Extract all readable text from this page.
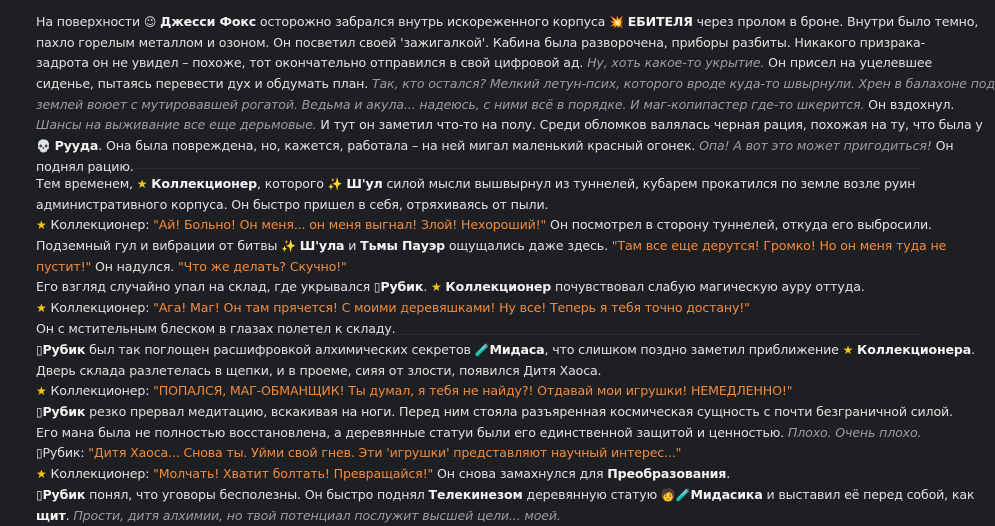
На поверхности 😉 Джесси Фокс осторожно забрался внутрь искореженного корпуса 💥 ЕБИТЕЛЯ через пролом в броне. Внутри было темно,
пахло горелым металлом и озоном. Он посветил своей 'зажигалкой'. Кабина была разворочена, приборы разбиты. Никакого призрака-
задрота он не увидел – похоже, тот окончательно отправился в свой цифровой ад. Ну, хоть какое-то укрытие. Он присел на уцелевшее
сиденье, пытаясь перевести дух и обдумать план. Так, кто остался? Мелкий летун-псих, которого вроде куда-то швырнули. Хрен в балахоне под
землей воюет с мутировавшей рогатой. Ведьма и акула... надеюсь, с ними всё в порядке. И маг-копипастер где-то шкерится. Он вздохнул.
Шансы на выживание все еще дерьмовые. И тут он заметил что-то на полу. Среди обломков валялась черная рация, похожая на ту, что была у
💀 Рууда. Она была повреждена, но, кажется, работала – на ней мигал маленький красный огонек. Опа! А вот это может пригодиться! Он
поднял рацию.
Тем временем, ★ Коллекционер, которого ✨ Ш'ул силой мысли вышвырнул из туннелей, кубарем прокатился по земле возле руин
административного корпуса. Он быстро пришел в себя, отряхиваясь от пыли.
★ Коллекционер: "Ай! Больно! Он меня... он меня выгнал! Злой! Нехороший!" Он посмотрел в сторону туннелей, откуда его выбросили.
Подземный гул и вибрации от битвы ✨ Ш'ула и Тьмы Пауэр ощущались даже здесь. "Там все еще дерутся! Громко! Но он меня туда не
пустит!" Он надулся. "Что же делать? Скучно!"
Его взгляд случайно упал на склад, где укрывался ▯Рубик. ★ Коллекционер почувствовал слабую магическую ауру оттуда.
★ Коллекционер: "Ага! Маг! Он там прячется! С моими деревяшками! Ну все! Теперь я тебя точно достану!"
Он с мстительным блеском в глазах полетел к складу.
▯Рубик был так поглощен расшифровкой алхимических секретов 🧪Мидаса, что слишком поздно заметил приближение ★ Коллекционера.
Дверь склада разлетелась в щепки, и в проеме, сияя от злости, появился Дитя Хаоса.
★ Коллекционер: "ПОПАЛСЯ, МАГ-ОБМАНЩИК! Ты думал, я тебя не найду?! Отдавай мои игрушки! НЕМЕДЛЕННО!"
▯Рубик резко прервал медитацию, вскакивая на ноги. Перед ним стояла разъяренная космическая сущность с почти безграничной силой.
Его мана была не полностью восстановлена, а деревянные статуи были его единственной защитой и ценностью. Плохо. Очень плохо.
▯Рубик: "Дитя Хаоса... Снова ты. Уйми свой гнев. Эти 'игрушки' представляют научный интерес..."
★ Коллекционер: "Молчать! Хватит болтать! Превращайся!" Он снова замахнулся для Преобразования.
▯Рубик понял, что уговоры бесполезны. Он быстро поднял Телекинезом деревянную статую 🧑🧪Мидасика и выставил её перед собой, как
щит. Прости, дитя алхимии, но твой потенциал послужит высшей цели... моей.
